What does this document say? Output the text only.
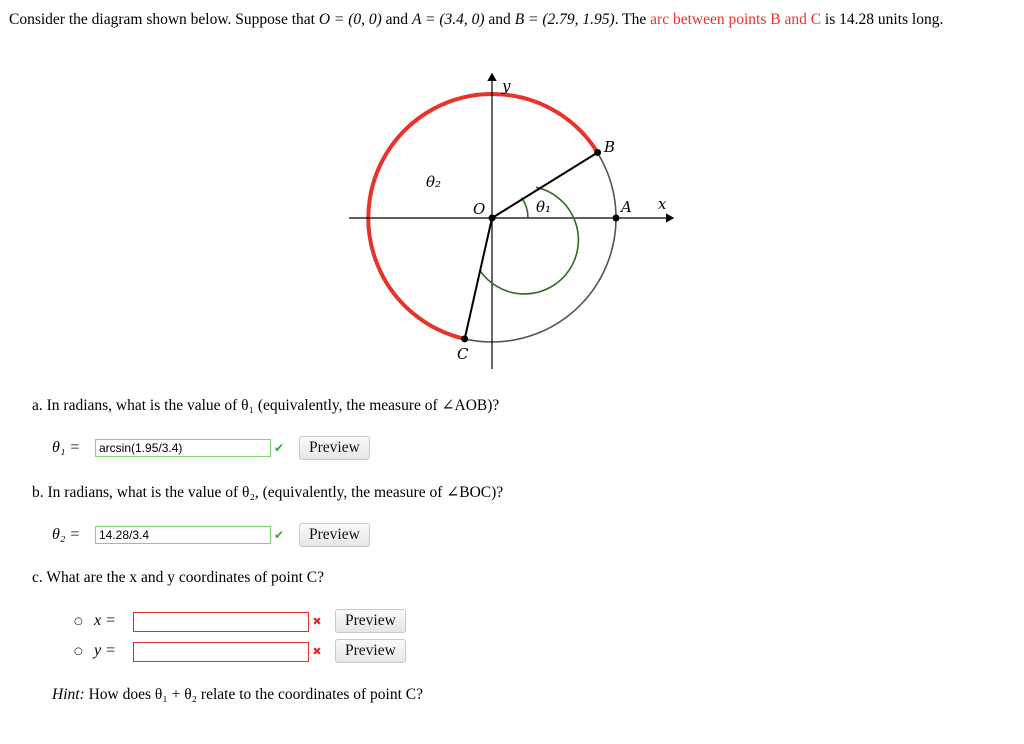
Consider the diagram shown below. Suppose that O = (0, 0) and A = (3.4, 0) and B = (2.79, 1.95). The arc between points B and C is 14.28 units long.
y
x
O	A
B
C
θ₁
θ₂
a. In radians, what is the value of θ₁ (equivalently, the measure of ∠AOB)?
θ₁ =	arcsin(1.95/3.4)	✔	Preview
b. In radians, what is the value of θ₂, (equivalently, the measure of ∠BOC)?
θ₂ =	14.28/3.4	✔	Preview
c. What are the x and y coordinates of point C?
○ x =	✖	Preview
○ y =	✖	Preview
Hint: How does θ₁ + θ₂ relate to the coordinates of point C?
